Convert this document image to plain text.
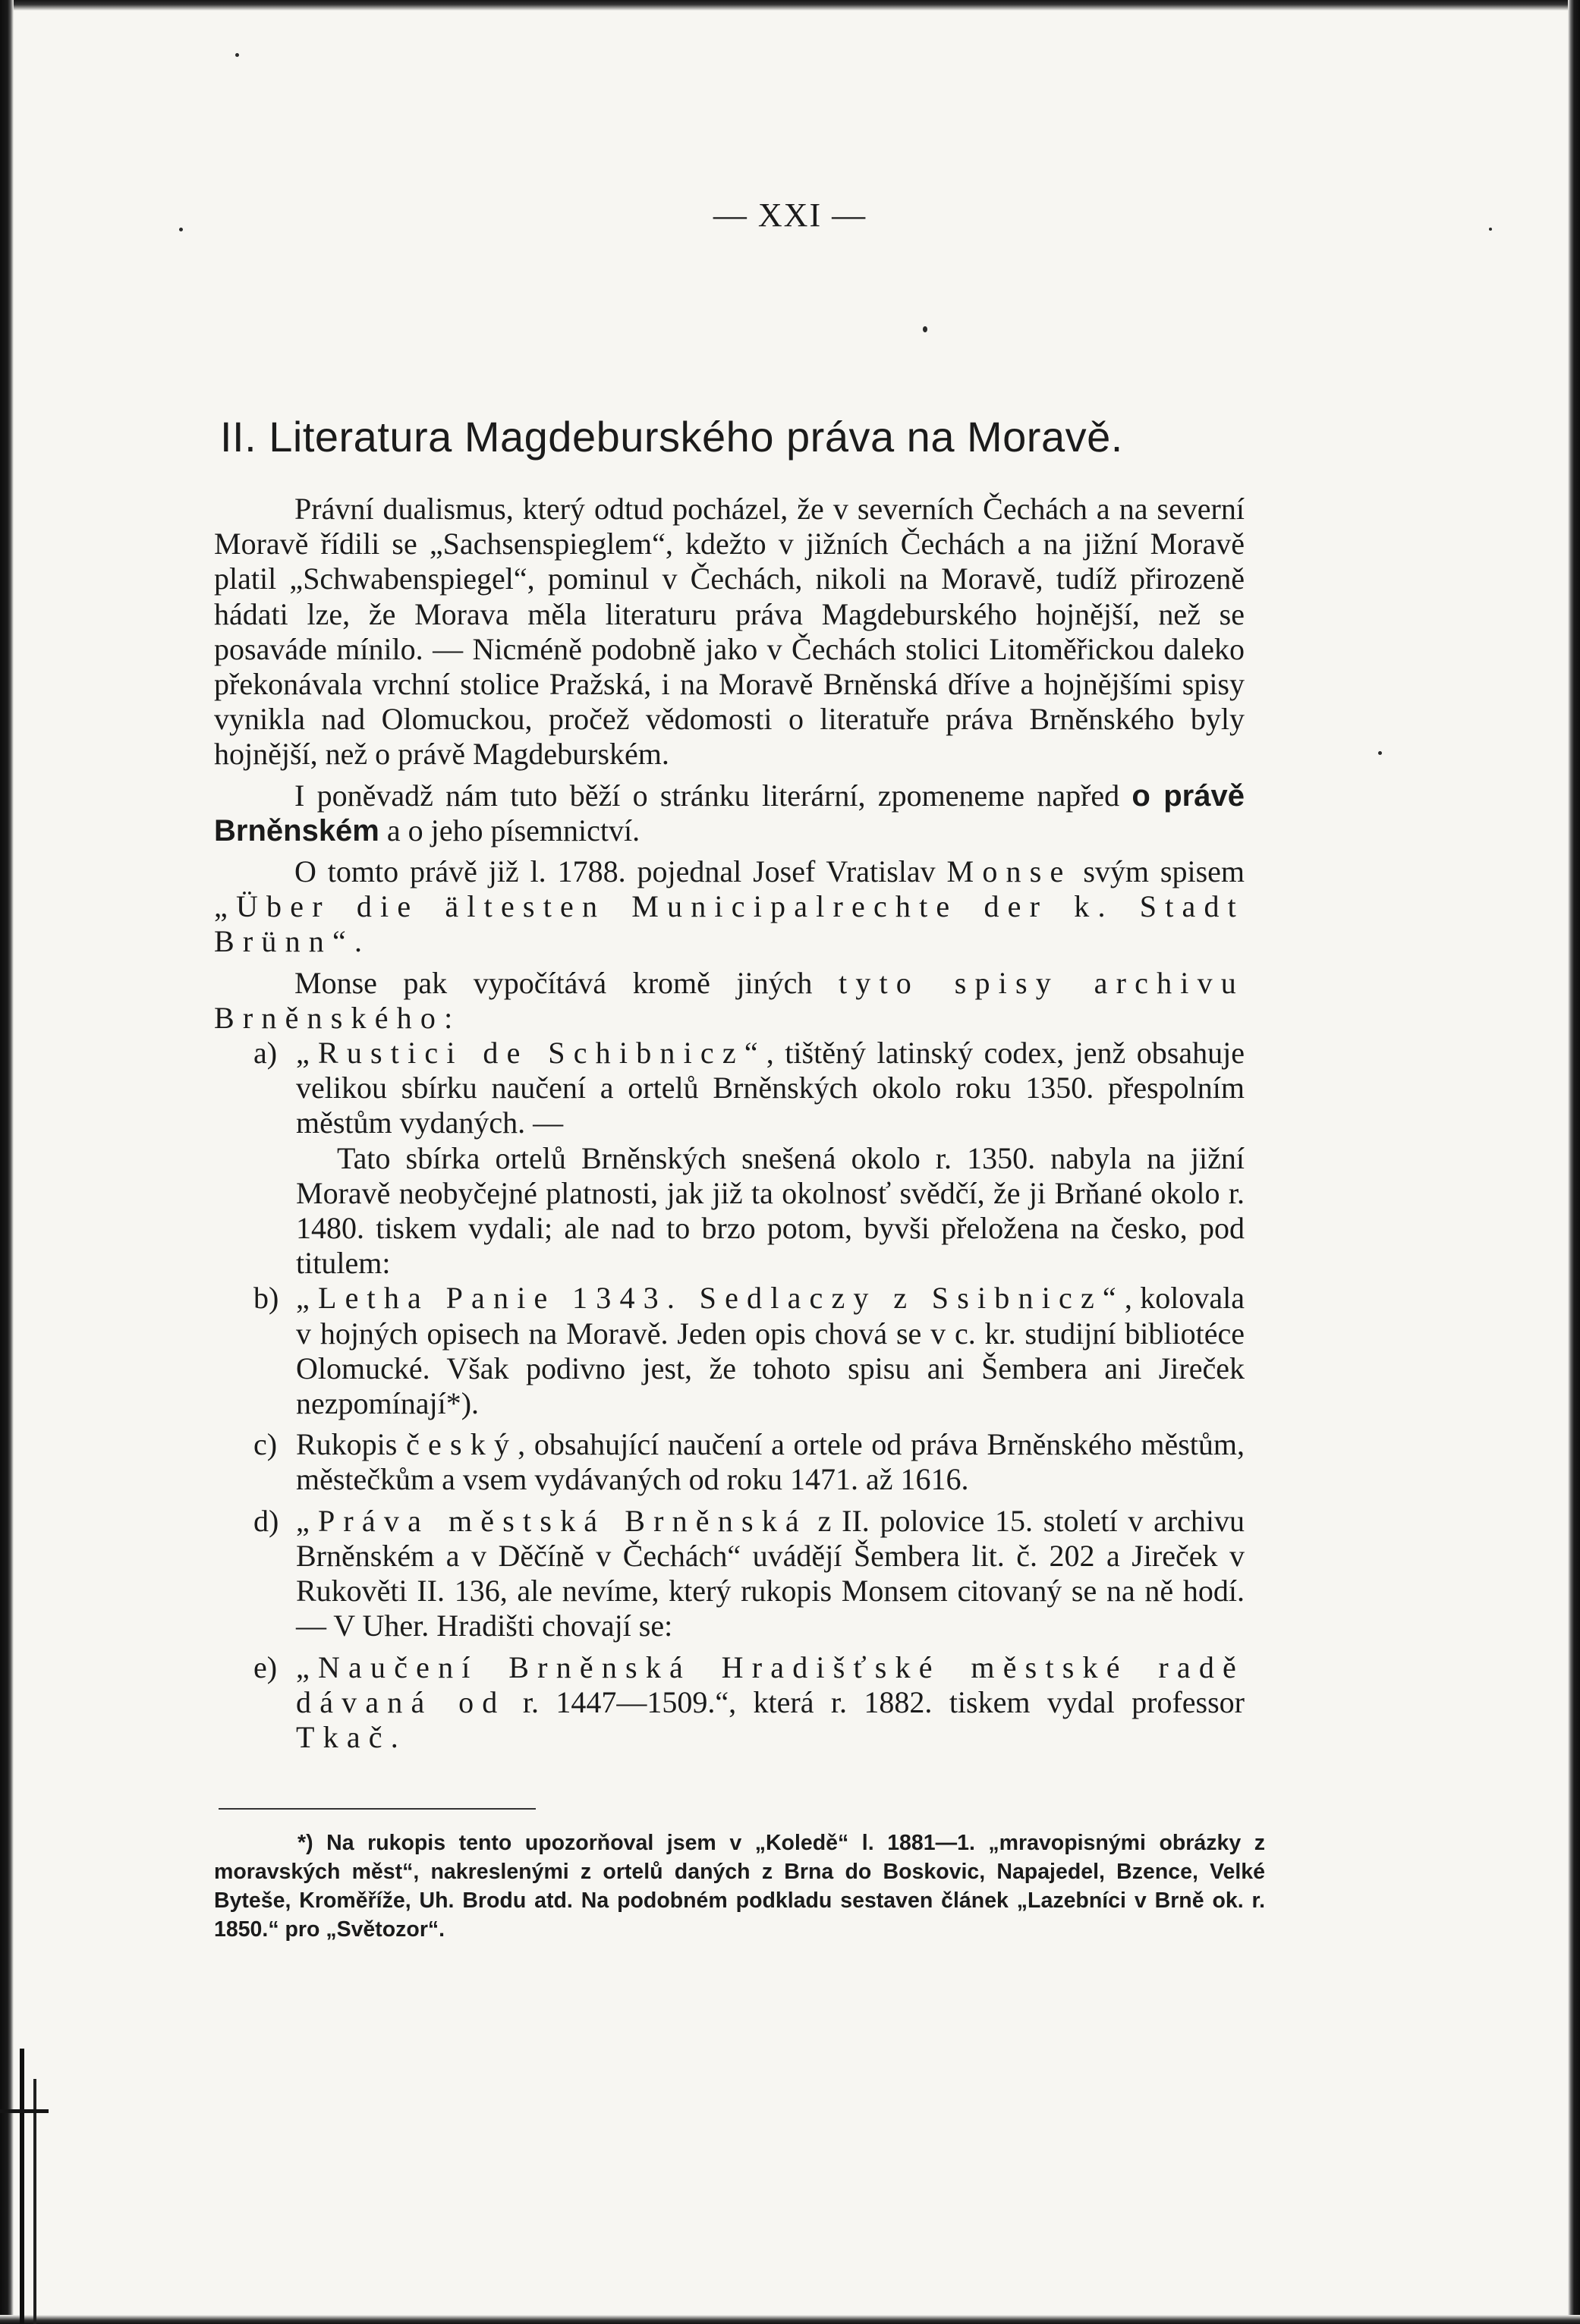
— XXI —
II. Literatura Magdeburského práva na Moravě.

Právní dualismus, který odtud pocházel, že v severních Čechách a na severní Moravě řídili se „Sachsenspieglem“, kdežto v jižních Čechách a na jižní Moravě platil „Schwabenspiegel“, pominul v Čechách, nikoli na Moravě, tudíž přirozeně hádati lze, že Morava měla literaturu práva Magdeburského hojnější, než se posaváde mínilo. — Nicméně podobně jako v Čechách stolici Litoměřickou daleko překonávala vrchní stolice Pražská, i na Moravě Brněnská dříve a hojnějšími spisy vynikla nad Olomuckou, pročež vědomosti o literatuře práva Brněnského byly hojnější, než o právě Magdeburském.

I poněvadž nám tuto běží o stránku literární, zpomeneme napřed o právě Brněnském a o jeho písemnictví.

O tomto právě již l. 1788. pojednal Josef Vratislav Monse svým spisem „Über die ältesten Municipalrechte der k. Stadt Brünn“.

Monse pak vypočítává kromě jiných tyto spisy archivu Brněnského:

a) „Rustici de Schibnicz“, tištěný latinský codex, jenž obsahuje velikou sbírku naučení a ortelů Brněnských okolo roku 1350. přespolním městům vydaných. —

Tato sbírka ortelů Brněnských snešená okolo r. 1350. nabyla na jižní Moravě neobyčejné platnosti, jak již ta okolnosť svědčí, že ji Brňané okolo r. 1480. tiskem vydali; ale nad to brzo potom, byvši přeložena na česko, pod titulem:

b) „Letha Panie 1343. Sedlaczy z Ssibnicz“, kolovala v hojných opisech na Moravě. Jeden opis chová se v c. kr. studijní bibliotéce Olomucké. Však podivno jest, že tohoto spisu ani Šembera ani Jireček nezpomínají*).
c) Rukopis český, obsahující naučení a ortele od práva Brněnského městům, městečkům a vsem vydávaných od roku 1471. až 1616.
d) „Práva městská Brněnská z II. polovice 15. století v archivu Brněnském a v Děčíně v Čechách“ uvádějí Šembera lit. č. 202 a Jireček v Rukověti II. 136, ale nevíme, který rukopis Monsem citovaný se na ně hodí. — V Uher. Hradišti chovají se:
e) „Naučení Brněnská Hradišťské městské radě dávaná od r. 1447—1509.“, která r. 1882. tiskem vydal professor Tkač.

*) Na rukopis tento upozorňoval jsem v „Koledě“ l. 1881—1. „mravopisnými obrázky z moravských měst“, nakreslenými z ortelů daných z Brna do Boskovic, Napajedel, Bzence, Velké Byteše, Kroměříže, Uh. Brodu atd. Na podobném podkladu sestaven článek „Lazebníci v Brně ok. r. 1850.“ pro „Světozor“.
